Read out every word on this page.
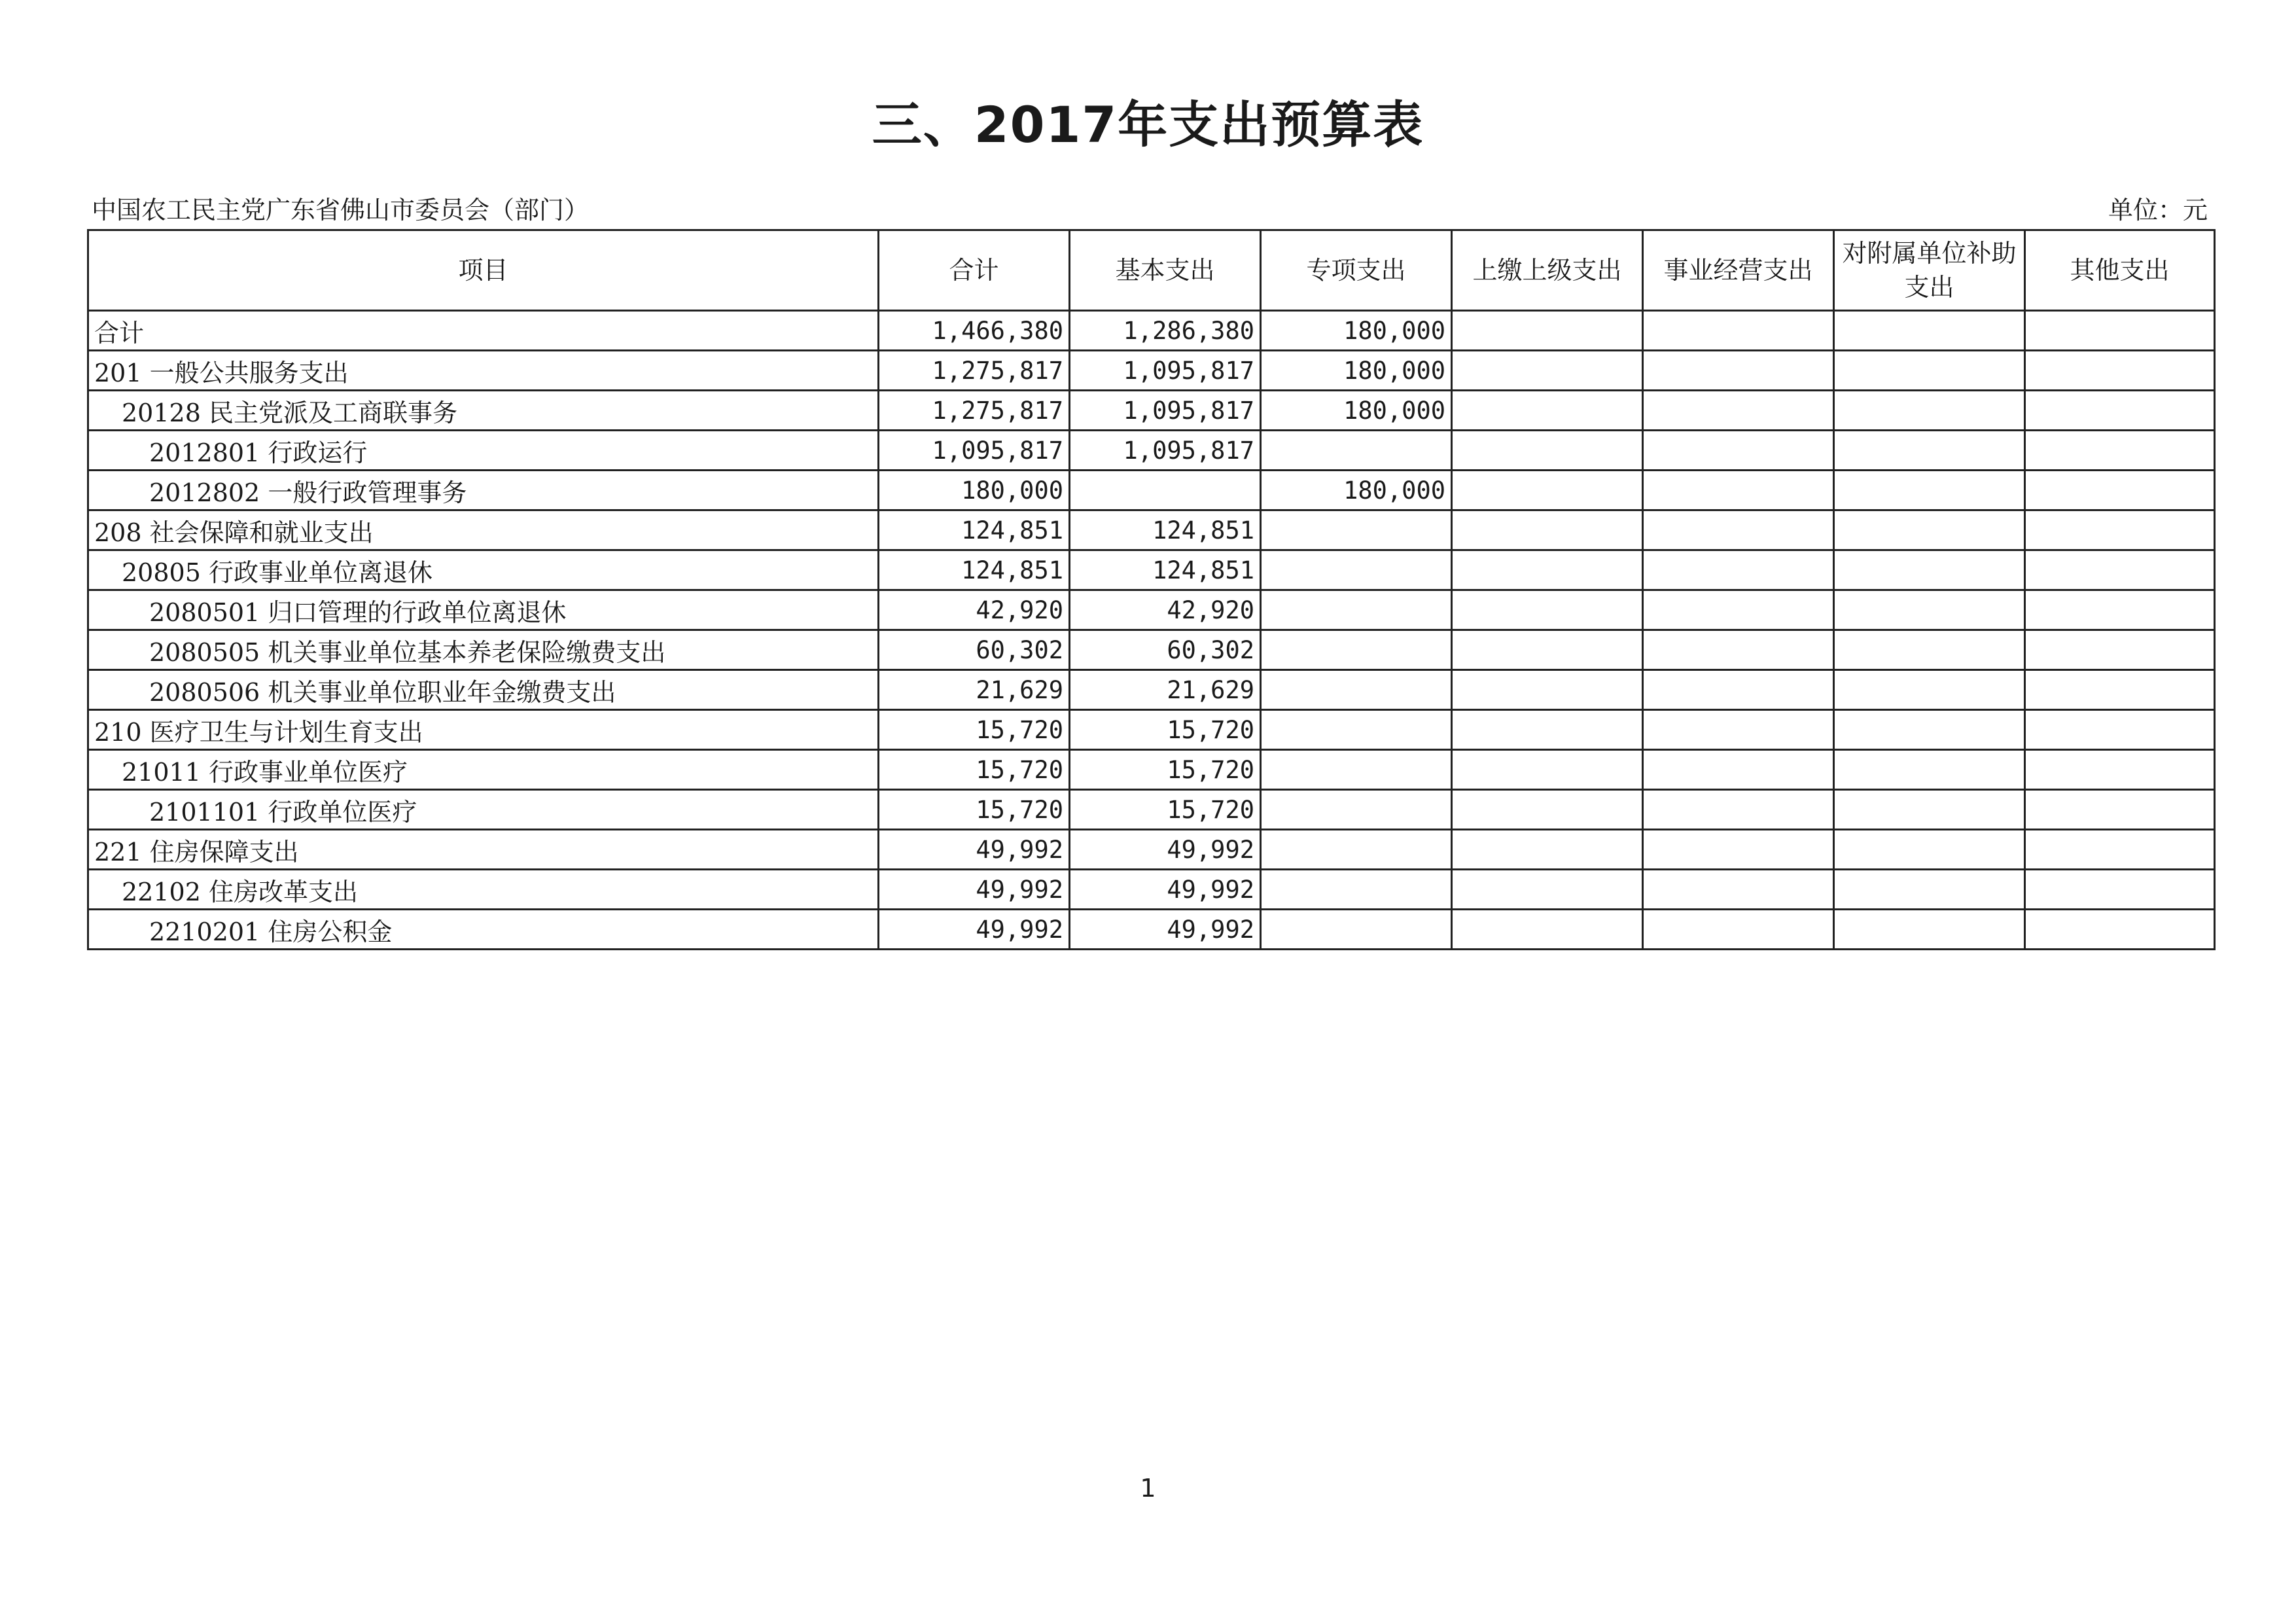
三、2017年支出预算表
中国农工民主党广东省佛山市委员会（部门）	单位：元
项目	合计	基本支出	专项支出	上缴上级支出	事业经营支出	对附属单位补助支出	其他支出
合计	1,466,380	1,286,380	180,000				
201 一般公共服务支出	1,275,817	1,095,817	180,000				
20128 民主党派及工商联事务	1,275,817	1,095,817	180,000				
2012801 行政运行	1,095,817	1,095,817					
2012802 一般行政管理事务	180,000		180,000				
208 社会保障和就业支出	124,851	124,851					
20805 行政事业单位离退休	124,851	124,851					
2080501 归口管理的行政单位离退休	42,920	42,920					
2080505 机关事业单位基本养老保险缴费支出	60,302	60,302					
2080506 机关事业单位职业年金缴费支出	21,629	21,629					
210 医疗卫生与计划生育支出	15,720	15,720					
21011 行政事业单位医疗	15,720	15,720					
2101101 行政单位医疗	15,720	15,720					
221 住房保障支出	49,992	49,992					
22102 住房改革支出	49,992	49,992					
2210201 住房公积金	49,992	49,992					
1
